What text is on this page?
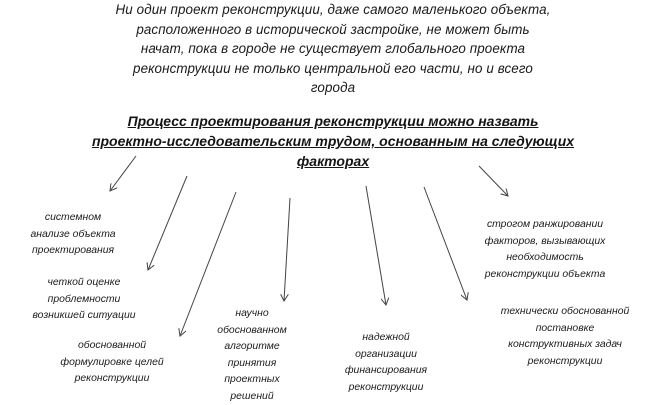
Ни один проект реконструкции, даже самого маленького объекта,
расположенного в исторической застройке, не может быть
начат, пока в городе не существует глобального проекта
реконструкции не только центральной его части, но и всего
города
Процесс проектирования реконструкции можно назвать
проектно-исследовательским трудом, основанным на следующих
факторах
системном
анализе объекта
проектирования
четкой оценке
проблемности
возникшей ситуации
обоснованной
формулировке целей
реконструкции
научно
обоснованном
алгоритме
принятия
проектных
решений
надежной
организации
финансирования
реконструкции
строгом ранжировании
факторов, вызывающих
необходимость
реконструкции объекта
технически обоснованной
постановке
конструктивных задач
реконструкции
